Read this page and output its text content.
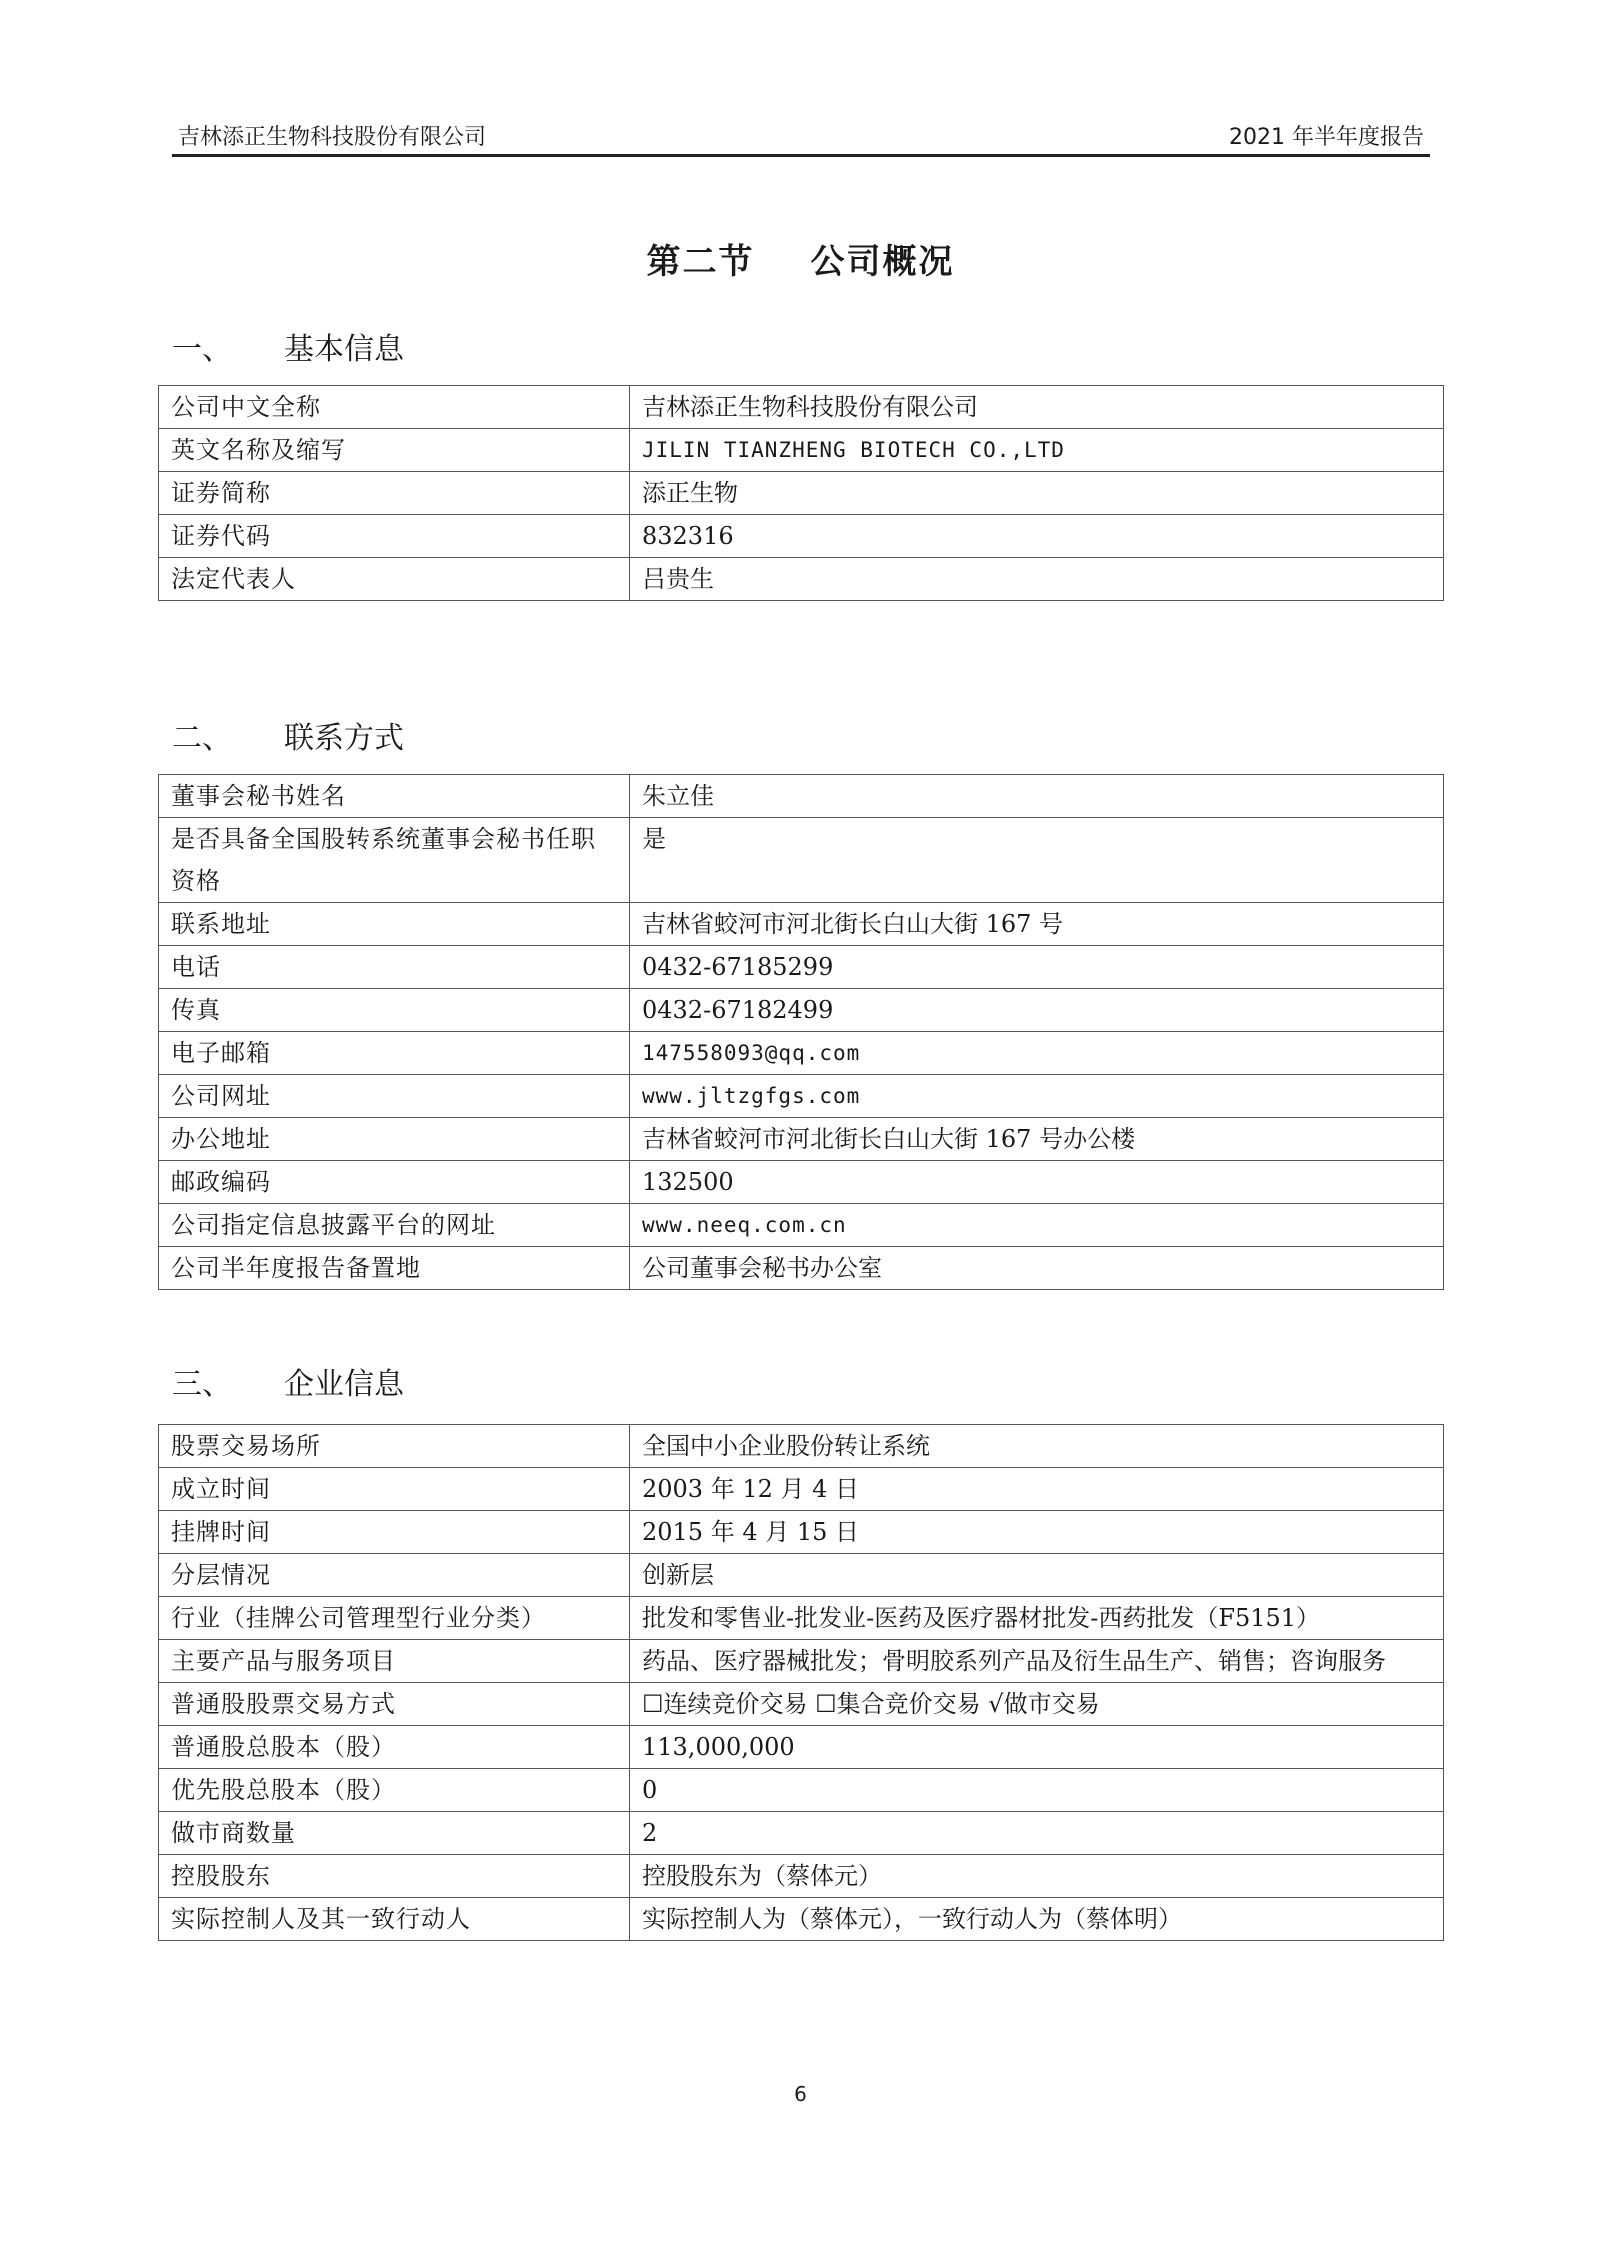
吉林添正生物科技股份有限公司	2021 年半年度报告
第二节 公司概况
一、 基本信息
公司中文全称	吉林添正生物科技股份有限公司
英文名称及缩写	JILIN TIANZHENG BIOTECH CO.,LTD
证券简称	添正生物
证券代码	832316
法定代表人	吕贵生
二、 联系方式
董事会秘书姓名	朱立佳
是否具备全国股转系统董事会秘书任职资格	是
联系地址	吉林省蛟河市河北街长白山大街 167 号
电话	0432-67185299
传真	0432-67182499
电子邮箱	147558093@qq.com
公司网址	www.jltzgfgs.com
办公地址	吉林省蛟河市河北街长白山大街 167 号办公楼
邮政编码	132500
公司指定信息披露平台的网址	www.neeq.com.cn
公司半年度报告备置地	公司董事会秘书办公室
三、 企业信息
股票交易场所	全国中小企业股份转让系统
成立时间	2003 年 12 月 4 日
挂牌时间	2015 年 4 月 15 日
分层情况	创新层
行业（挂牌公司管理型行业分类）	批发和零售业-批发业-医药及医疗器材批发-西药批发（F5151）
主要产品与服务项目	药品、医疗器械批发；骨明胶系列产品及衍生品生产、销售；咨询服务
普通股股票交易方式	☐连续竞价交易 ☐集合竞价交易 √做市交易
普通股总股本（股）	113,000,000
优先股总股本（股）	0
做市商数量	2
控股股东	控股股东为（蔡体元）
实际控制人及其一致行动人	实际控制人为（蔡体元），一致行动人为（蔡体明）
6
